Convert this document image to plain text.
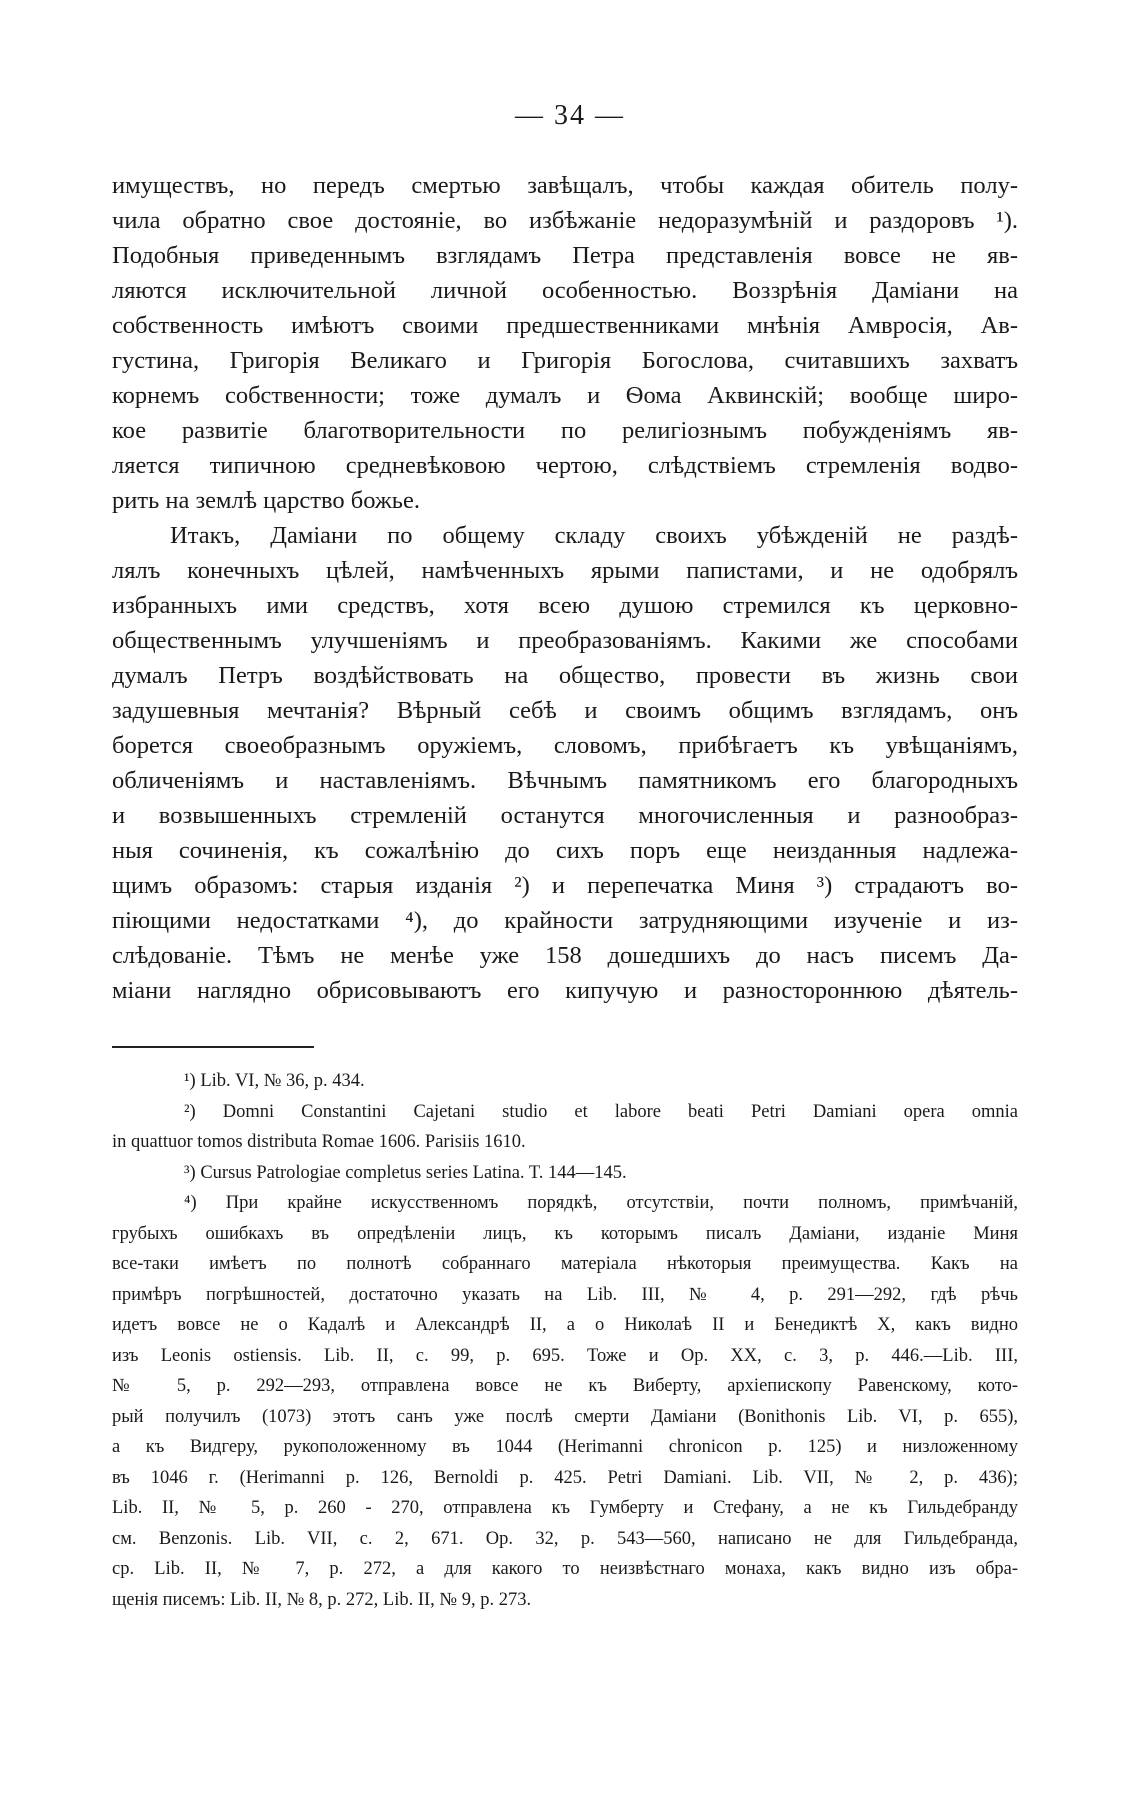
— 34 —
имуществъ, но передъ смертью завѣщалъ, чтобы каждая обитель полу-
чила обратно свое достояніе, во избѣжаніе недоразумѣній и раздоровъ ¹).
Подобныя приведеннымъ взглядамъ Петра представленія вовсе не яв-
ляются исключительной личной особенностью. Воззрѣнія Даміани на
собственность имѣютъ своими предшественниками мнѣнія Амвросія, Ав-
густина, Григорія Великаго и Григорія Богослова, считавшихъ захватъ
корнемъ собственности; тоже думалъ и Ѳома Аквинскій; вообще широ-
кое развитіе благотворительности по религіознымъ побужденіямъ яв-
ляется типичною средневѣковою чертою, слѣдствіемъ стремленія водво-
рить на землѣ царство божье.
Итакъ, Даміани по общему складу своихъ убѣжденій не раздѣ-
лялъ конечныхъ цѣлей, намѣченныхъ ярыми папистами, и не одобрялъ
избранныхъ ими средствъ, хотя всею душою стремился къ церковно-
общественнымъ улучшеніямъ и преобразованіямъ. Какими же способами
думалъ Петръ воздѣйствовать на общество, провести въ жизнь свои
задушевныя мечтанія? Вѣрный себѣ и своимъ общимъ взглядамъ, онъ
борется своеобразнымъ оружіемъ, словомъ, прибѣгаетъ къ увѣщаніямъ,
обличеніямъ и наставленіямъ. Вѣчнымъ памятникомъ его благородныхъ
и возвышенныхъ стремленій останутся многочисленныя и разнообраз-
ныя сочиненія, къ сожалѣнію до сихъ поръ еще неизданныя надлежа-
щимъ образомъ: старыя изданія ²) и перепечатка Миня ³) страдаютъ во-
піющими недостатками ⁴), до крайности затрудняющими изученіе и из-
слѣдованіе. Тѣмъ не менѣе уже 158 дошедшихъ до насъ писемъ Да-
міани наглядно обрисовываютъ его кипучую и разностороннюю дѣятель-
¹) Lib. VI, № 36, p. 434.
²) Domni Constantini Cajetani studio et labore beati Petri Damiani opera omnia
in quattuor tomos distributa Romae 1606. Parisiis 1610.
³) Cursus Patrologiae completus series Latina. T. 144—145.
⁴) При крайне искусственномъ порядкѣ, отсутствіи, почти полномъ, примѣчаній,
грубыхъ ошибкахъ въ опредѣленіи лицъ, къ которымъ писалъ Даміани, изданіе Миня
все-таки имѣетъ по полнотѣ собраннаго матеріала нѣкоторыя преимущества. Какъ на
примѣръ погрѣшностей, достаточно указать на Lib. III, № 4, p. 291—292, гдѣ рѣчь
идетъ вовсе не о Кадалѣ и Александрѣ II, а о Николаѣ II и Бенедиктѣ X, какъ видно
изъ Leonis ostiensis. Lib. II, c. 99, p. 695. Тоже и Op. XX, c. 3, p. 446.—Lib. III,
№ 5, p. 292—293, отправлена вовсе не къ Виберту, архіепископу Равенскому, кото-
рый получилъ (1073) этотъ санъ уже послѣ смерти Даміани (Bonithonis Lib. VI, p. 655),
а къ Видгеру, рукоположенному въ 1044 (Herimanni chronicon p. 125) и низложенному
въ 1046 г. (Herimanni p. 126, Bernoldi p. 425. Petri Damiani. Lib. VII, № 2, p. 436);
Lib. II, № 5, p. 260 - 270, отправлена къ Гумберту и Стефану, а не къ Гильдебранду
см. Benzonis. Lib. VII, c. 2, 671. Op. 32, p. 543—560, написано не для Гильдебранда,
ср. Lib. II, № 7, p. 272, а для какого то неизвѣстнаго монаха, какъ видно изъ обра-
щенія писемъ: Lib. II, № 8, p. 272, Lib. II, № 9, p. 273.
